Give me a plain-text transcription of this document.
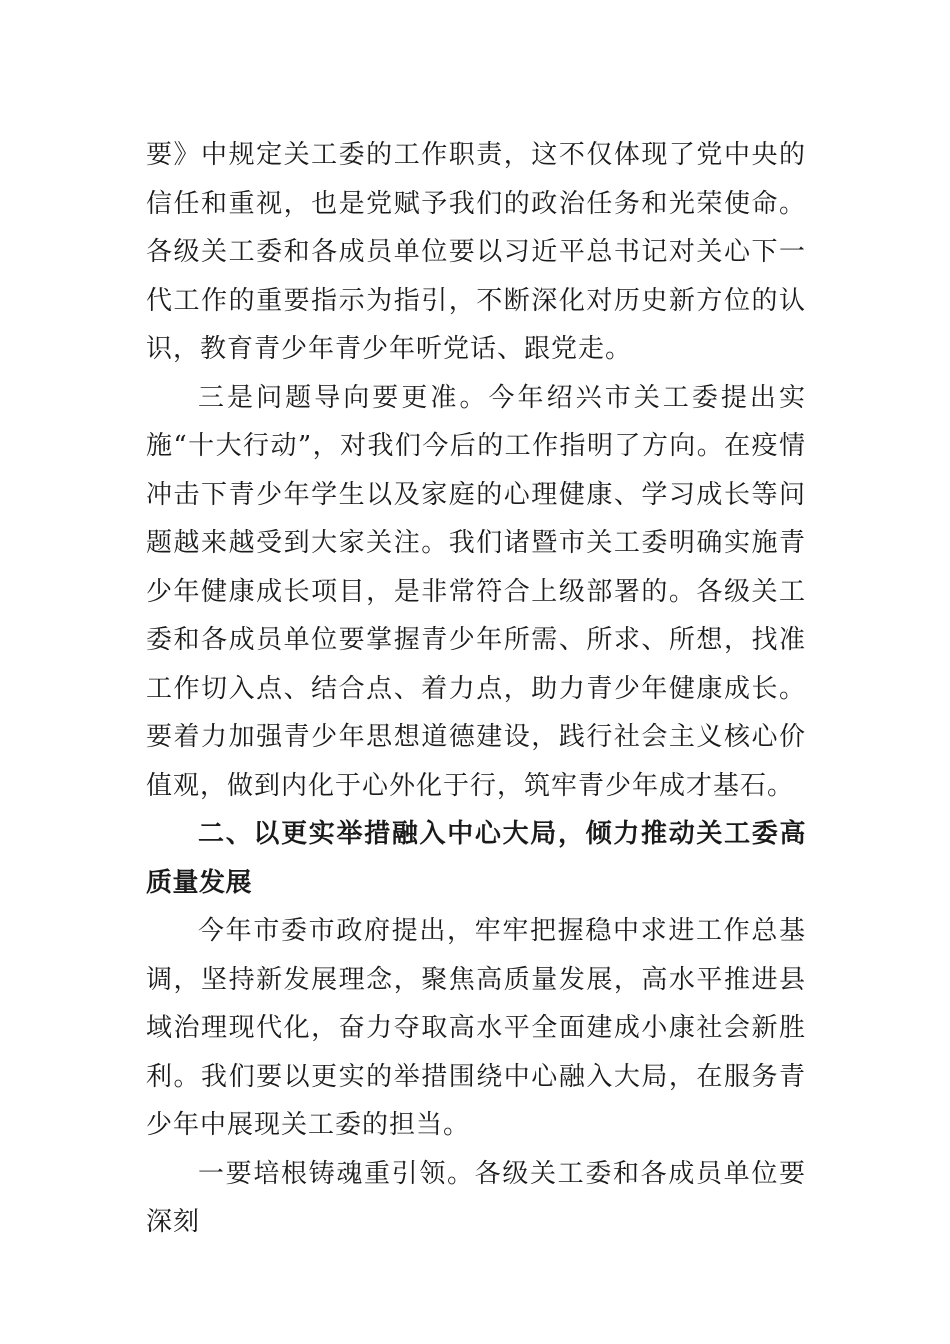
要》中规定关工委的工作职责，这不仅体现了党中央的信任和重视，也是党赋予我们的政治任务和光荣使命。各级关工委和各成员单位要以习近平总书记对关心下一代工作的重要指示为指引，不断深化对历史新方位的认识，教育青少年青少年听党话、跟党走。

三是问题导向要更准。今年绍兴市关工委提出实施“十大行动”，对我们今后的工作指明了方向。在疫情冲击下青少年学生以及家庭的心理健康、学习成长等问题越来越受到大家关注。我们诸暨市关工委明确实施青少年健康成长项目，是非常符合上级部署的。各级关工委和各成员单位要掌握青少年所需、所求、所想，找准工作切入点、结合点、着力点，助力青少年健康成长。要着力加强青少年思想道德建设，践行社会主义核心价值观，做到内化于心外化于行，筑牢青少年成才基石。

二、以更实举措融入中心大局，倾力推动关工委高质量发展

今年市委市政府提出，牢牢把握稳中求进工作总基调，坚持新发展理念，聚焦高质量发展，高水平推进县域治理现代化，奋力夺取高水平全面建成小康社会新胜利。我们要以更实的举措围绕中心融入大局，在服务青少年中展现关工委的担当。

一要培根铸魂重引领。各级关工委和各成员单位要深刻
